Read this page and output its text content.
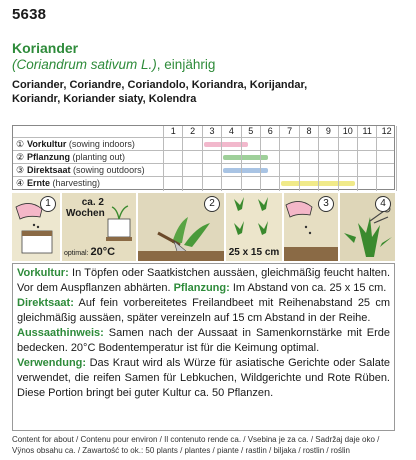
5638
Koriander
(Coriandrum sativum L.), einjährig
Coriander, Coriandre, Coriandolo, Koriandra, Korijandar,
Koriandr, Koriander siaty, Kolendra
1	2	3	4	5	6	7	8	9	10	11	12
① Vorkultur (sowing indoors)
② Pflanzung (planting out)
③ Direktsaat (sowing outdoors)
④ Ernte (harvesting)
1	ca. 2
Wochen
optimal: 20°C
2
25 x 15 cm
3	4

Vorkultur: In Töpfen oder Saatkistchen aussäen, gleichmäßig feucht halten. Vor dem Auspflanzen abhärten. Pflanzung: Im Abstand von ca. 25 x 15 cm.

Direktsaat: Auf fein vorbereitetes Freilandbeet mit Reihenabstand 25 cm gleichmäßig aussäen, später vereinzeln auf 15 cm Abstand in der Reihe.

Aussaathinweis: Samen nach der Aussaat in Samenkornstärke mit Erde bedecken. 20°C Bodentemperatur ist für die Keimung optimal.

Verwendung: Das Kraut wird als Würze für asiatische Gerichte oder Salate verwendet, die reifen Samen für Lebkuchen, Wildgerichte und Rote Rüben. Diese Portion bringt bei guter Kultur ca. 50 Pflanzen.

Content for about / Contenu pour environ / Il contenuto rende ca. / Vsebina je za ca. / Sadržaj daje oko /
Vÿnos obsahu ca. / Zawartość to ok.: 50 plants / plantes / piante / rastlin / biljaka / rostlin / roślin
